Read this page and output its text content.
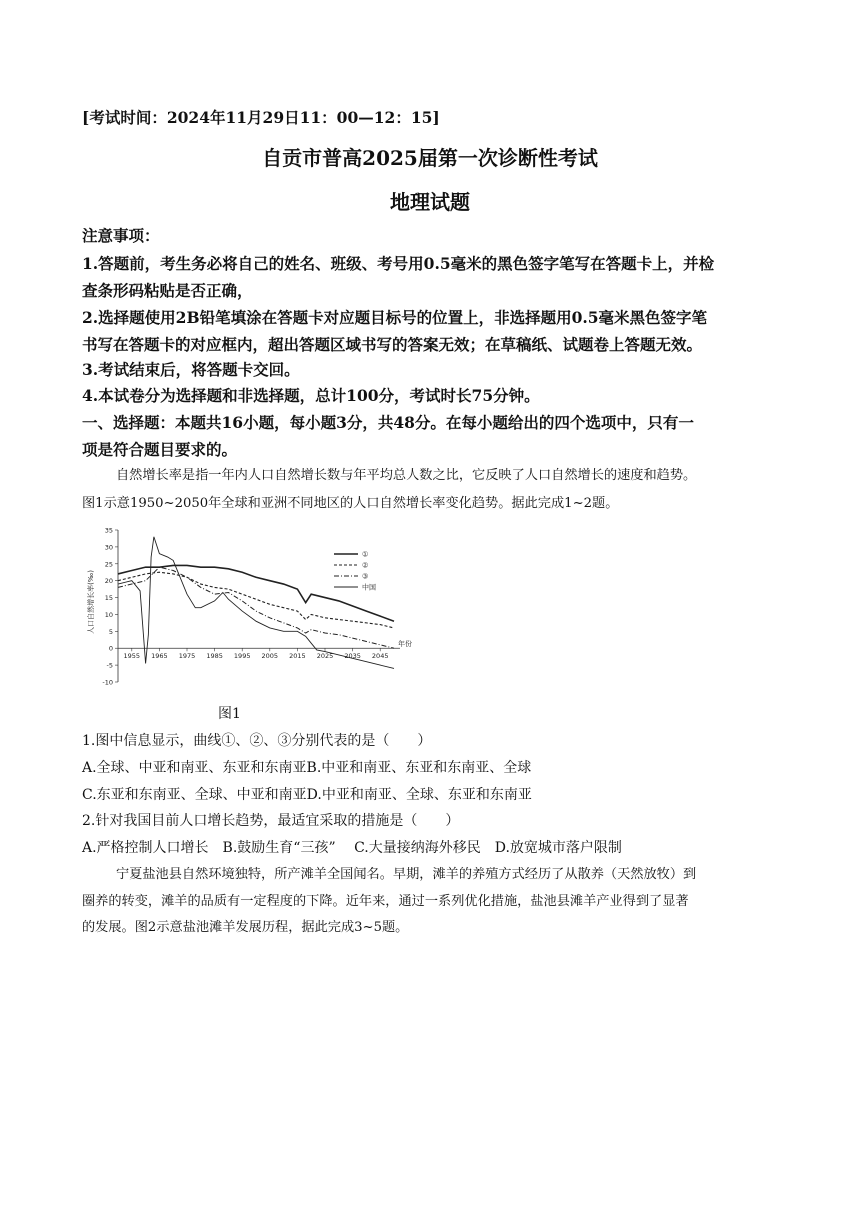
[考试时间：2024年11月29日11：00—12：15]
自贡市普高2025届第一次诊断性考试
地理试题
注意事项：
1.答题前，考生务必将自己的姓名、班级、考号用0.5毫米的黑色签字笔写在答题卡上，并检
查条形码粘贴是否正确，
2.选择题使用2B铅笔填涂在答题卡对应题目标号的位置上，非选择题用0.5毫米黑色签字笔
书写在答题卡的对应框内，超出答题区域书写的答案无效；在草稿纸、试题卷上答题无效。
3.考试结束后，将答题卡交回。
4.本试卷分为选择题和非选择题，总计100分，考试时长75分钟。
一、选择题：本题共16小题，每小题3分，共48分。在每小题给出的四个选项中，只有一
项是符合题目要求的。
自然增长率是指一年内人口自然增长数与年平均总人数之比，它反映了人口自然增长的速度和趋势。
图1示意1950~2050年全球和亚洲不同地区的人口自然增长率变化趋势。据此完成1~2题。
-10
-5
0
5
10
15
20
25
30
35
1955 1965 1975 1985 1995 2005 2015 2025 2035 2045
①
②
③
中国
人口自然增长率(‰)
年份
图1
1.图中信息显示，曲线①、②、③分别代表的是（　　）
A.全球、中亚和南亚、东亚和东南亚B.中亚和南亚、东亚和东南亚、全球
C.东亚和东南亚、全球、中亚和南亚D.中亚和南亚、全球、东亚和东南亚
2.针对我国目前人口增长趋势，最适宜采取的措施是（　　）
A.严格控制人口增长　B.鼓励生育“三孩”　 C.大量接纳海外移民　D.放宽城市落户限制
宁夏盐池县自然环境独特，所产滩羊全国闻名。早期，滩羊的养殖方式经历了从散养（天然放牧）到
圈养的转变，滩羊的品质有一定程度的下降。近年来，通过一系列优化措施，盐池县滩羊产业得到了显著
的发展。图2示意盐池滩羊发展历程，据此完成3~5题。
